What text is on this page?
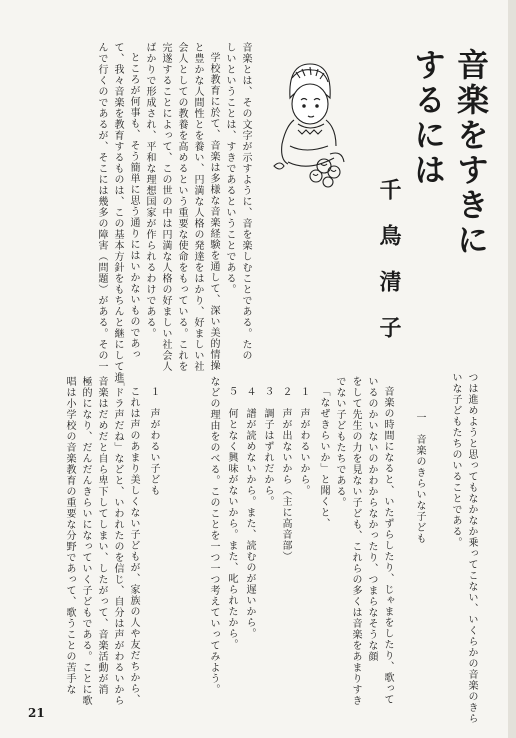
音楽をすきに
するには
千鳥清子
音楽とは、その文字が示すように、音を楽しむことである。たの
しいということは、すきであるということである。
学校教育に於て、音楽は多様な音楽経験を通して、深い美的情操
と豊かな人間性とを養い、円満な人格の発達をはかり、好ましい社
会人としての教養を高めるという重要な使命をもっている。これを
完遂することによって、この世の中は円満な人格の好ましい社会人
ばかりで形成され、平和な理想国家が作られるわけである。
ところが何事も、そう簡単に思う通りにはいかないものであっ
て、我々音楽を教育するものは、この基本方針をもちんと継にして進
んで行くのであるが、そこには幾多の障害（問題）がある。その一
つは進めようと思ってもなかなか乗ってこない、いくらかの音楽のきら
いな子どもたちのいることである。
一　音楽のきらいな子ども
音楽の時間になると、いたずらしたり、じゃまをしたり、歌って
いるのかいないのかわからなかったり、つまらなそうな顔
をして先生の力を見ない子ども、これらの多くは音楽をあまりすき
でない子どもたちである。
「なぜきらいか」と聞くと、
１　声がわるいから。
２　声が出ないから（主に高音部）
３　調子はずれだから。
４　譜が読めないから。また、読むのが遅いから。
５　何となく興味がないから。また、叱られたから。
などの理由をのべる。このことを一つ一つ考えていってみよう。
１　声がわるい子ども
これは声のあまり美しくない子どもが、家族の人や友だちから、
「ドラ声だね」などと、いわれたのを信じ、自分は声がわるいから
音楽はだめだと自ら卑下してしまい、したがって、音楽活動が消
極的になり、だんだんきらいになっていく子どもである。ことに歌
唱は小学校の音楽教育の重要な分野であって、歌うことの苦手な
21
